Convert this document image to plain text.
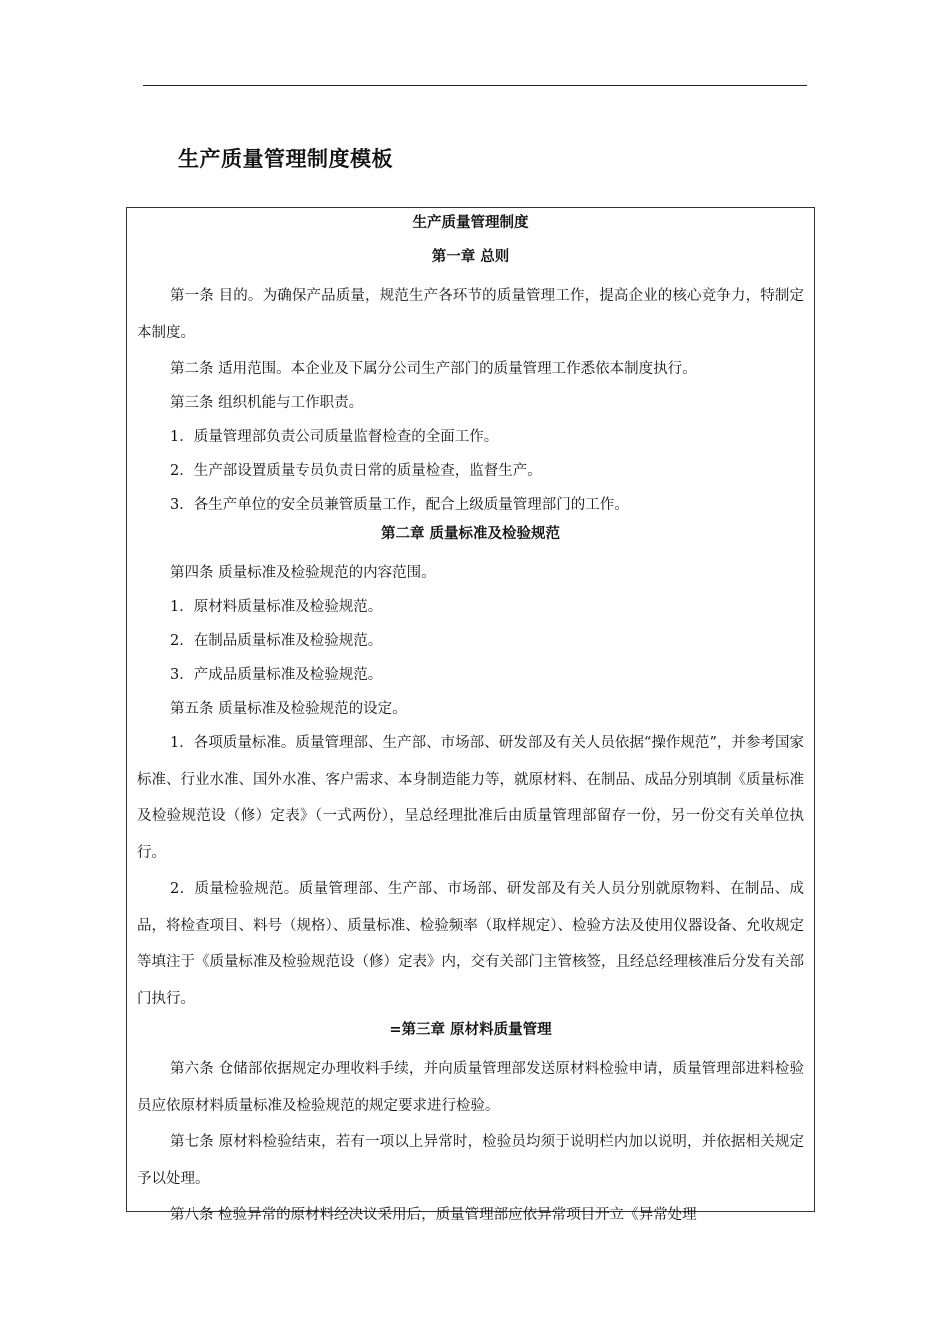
生产质量管理制度模板
生产质量管理制度
第一章 总则

第一条 目的。为确保产品质量，规范生产各环节的质量管理工作，提高企业的核心竞争力，特制定本制度。

第二条 适用范围。本企业及下属分公司生产部门的质量管理工作悉依本制度执行。

第三条 组织机能与工作职责。

1．质量管理部负责公司质量监督检查的全面工作。

2．生产部设置质量专员负责日常的质量检查，监督生产。

3．各生产单位的安全员兼管质量工作，配合上级质量管理部门的工作。

第二章 质量标准及检验规范

第四条 质量标准及检验规范的内容范围。

1．原材料质量标准及检验规范。

2．在制品质量标准及检验规范。

3．产成品质量标准及检验规范。

第五条 质量标准及检验规范的设定。

1．各项质量标准。质量管理部、生产部、市场部、研发部及有关人员依据“操作规范”，并参考国家标准、行业水准、国外水准、客户需求、本身制造能力等，就原材料、在制品、成品分别填制《质量标准及检验规范设（修）定表》（一式两份），呈总经理批准后由质量管理部留存一份，另一份交有关单位执行。

2．质量检验规范。质量管理部、生产部、市场部、研发部及有关人员分别就原物料、在制品、成品，将检查项目、料号（规格）、质量标准、检验频率（取样规定）、检验方法及使用仪器设备、允收规定等填注于《质量标准及检验规范设（修）定表》内，交有关部门主管核签，且经总经理核准后分发有关部门执行。

=第三章 原材料质量管理

第六条 仓储部依据规定办理收料手续，并向质量管理部发送原材料检验申请，质量管理部进料检验员应依原材料质量标准及检验规范的规定要求进行检验。

第七条 原材料检验结束，若有一项以上异常时，检验员均须于说明栏内加以说明，并依据相关规定予以处理。

第八条 检验异常的原材料经决议采用后，质量管理部应依异常项目开立《异常处理
